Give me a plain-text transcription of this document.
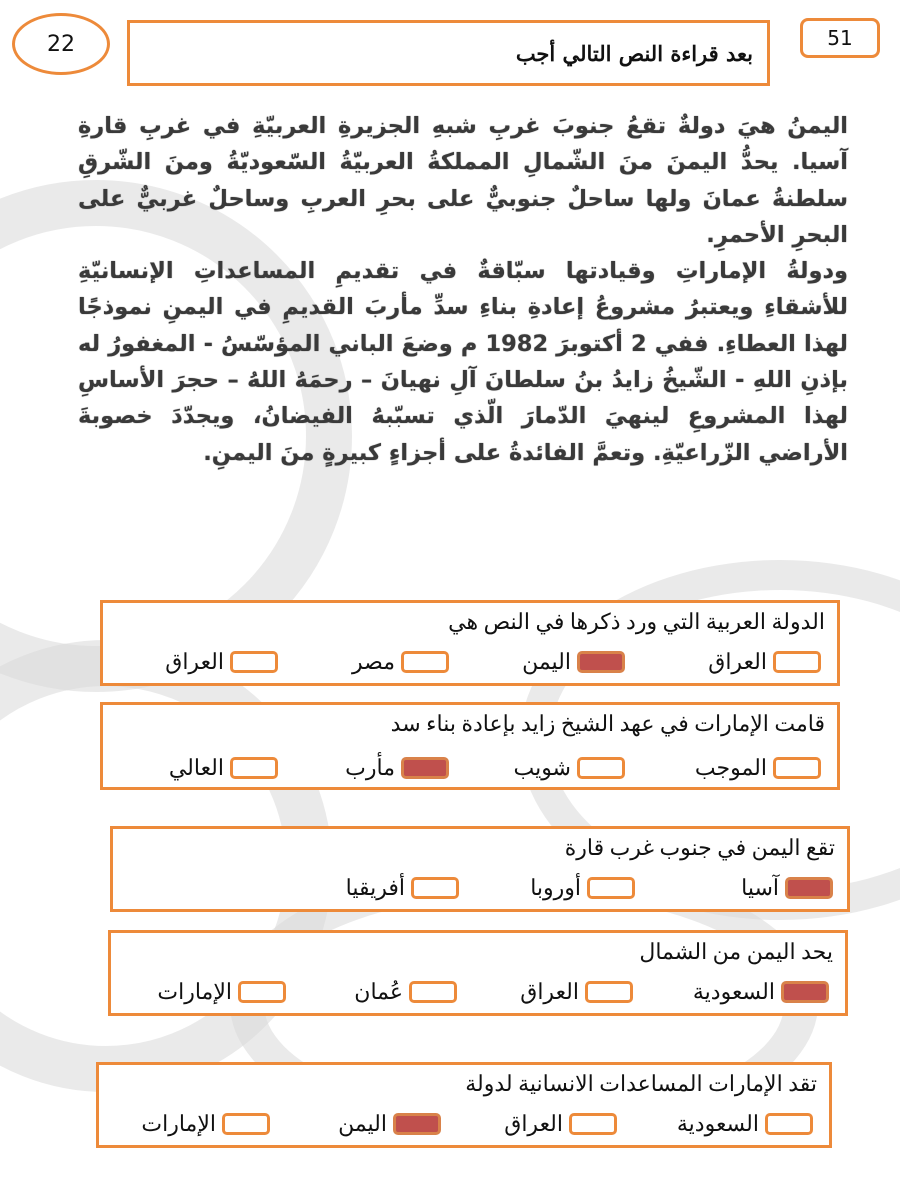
22	51
بعد قراءة النص التالي أجب

اليمنُ هيَ دولةٌ تقعُ جنوبَ غربِ شبهِ الجزيرةِ العربيّةِ في غربِ قارةِ آسيا. يحدُّ اليمنَ منَ الشّمالِ المملكةُ العربيّةُ السّعوديّةُ ومنَ الشّرقِ سلطنةُ عمانَ ولها ساحلٌ جنوبيٌّ على بحرِ العربِ وساحلٌ غربيٌّ على البحرِ الأحمرِ.

ودولةُ الإماراتِ وقيادتها سبّاقةٌ في تقديمِ المساعداتِ الإنسانيّةِ للأشقاءِ ويعتبرُ مشروعُ إعادةِ بناءِ سدِّ مأربَ القديمِ في اليمنِ نموذجًا لهذا العطاءِ. ففي 2 أكتوبرَ 1982 م وضعَ الباني المؤسّسُ - المغفورُ له بإذنِ اللهِ - الشّيخُ زايدُ بنُ سلطانَ آلِ نهيانَ – رحمَهُ اللهُ – حجرَ الأساسِ لهذا المشروعِ لينهيَ الدّمارَ الّذي تسبّبهُ الفيضانُ، ويجدّدَ خصوبةَ الأراضي الزّراعيّةِ. وتعمَّ الفائدةُ على أجزاءٍ كبيرةٍ منَ اليمنِ.

الدولة العربية التي ورد ذكرها في النص هي
العراق
اليمن
مصر
العراق
قامت الإمارات في عهد الشيخ زايد بإعادة بناء سد
الموجب
شويب
مأرب
العالي
تقع اليمن في جنوب غرب قارة
آسيا
أوروبا
أفريقيا
يحد اليمن من الشمال
السعودية
العراق
عُمان
الإمارات
تقد الإمارات المساعدات الانسانية لدولة
السعودية
العراق
اليمن
الإمارات
